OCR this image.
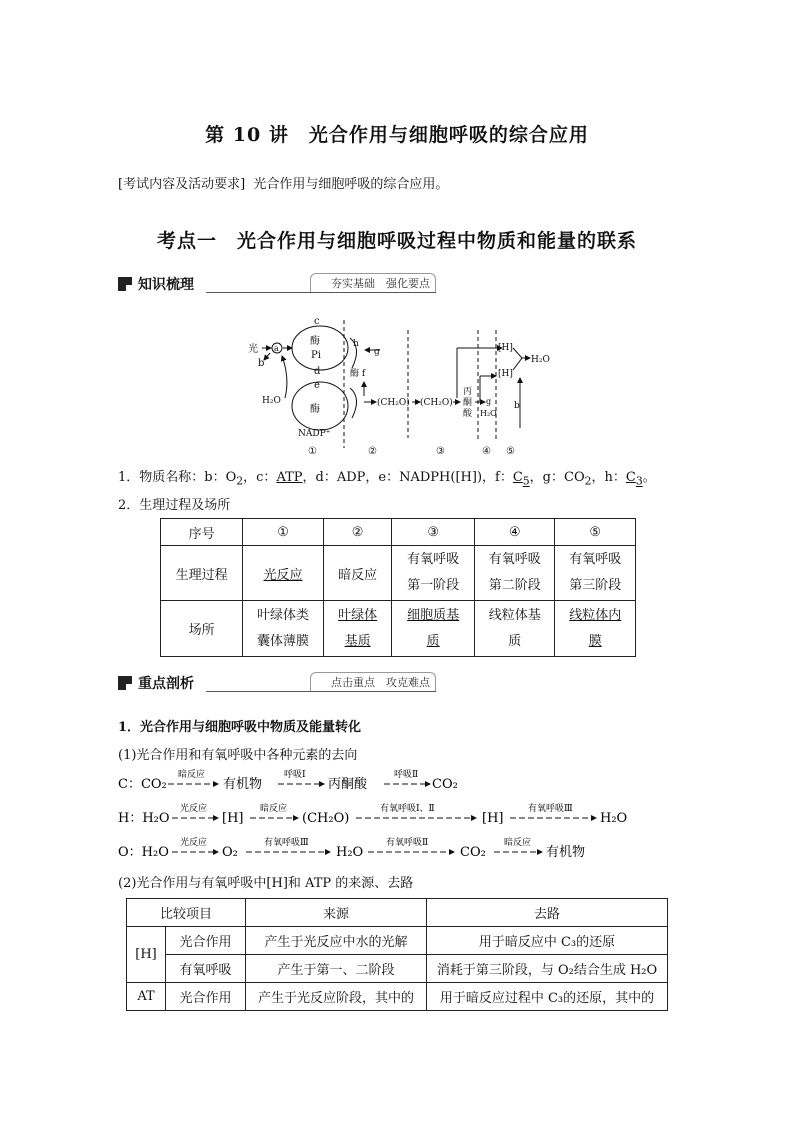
第 10 讲　光合作用与细胞呼吸的综合应用
[考试内容及活动要求] 光合作用与细胞呼吸的综合应用。
考点一　光合作用与细胞呼吸过程中物质和能量的联系
知识梳理	夯实基础　强化要点
光 a
b
H₂O
c
酶
Pi
d
e
酶
NADP⁺
h
g
酶 f
(CH₂O) (CH₂O)
丙
酮
酸
g
H₂O
[H]
[H]
H₂O
b
①	②	③	④ ⑤
1．物质名称：b：$O_2$，c：ATP，d：ADP，e：NADPH([H])，f：$C_5$，g：$CO_2$，h：$C_3$。
2．生理过程及场所
序号	①	②	③	④	⑤
生理过程	光反应	暗反应	有氧呼吸第一阶段	有氧呼吸第二阶段	有氧呼吸第三阶段
场所	叶绿体类囊体薄膜	叶绿体基质	细胞质基质	线粒体基质	线粒体内膜
重点剖析	点击重点　攻克难点
1．光合作用与细胞呼吸中物质及能量转化
(1)光合作用和有氧呼吸中各种元素的去向
C：CO₂
暗反应
有机物
呼吸Ⅰ
丙酮酸
呼吸Ⅱ
CO₂
H：H₂O
光反应
[H]
暗反应
(CH₂O)
有氧呼吸Ⅰ、Ⅱ
[H]
有氧呼吸Ⅲ
H₂O
O：H₂O
光反应
O₂
有氧呼吸Ⅲ
H₂O
有氧呼吸Ⅱ
CO₂
暗反应
有机物
(2)光合作用与有氧呼吸中[H]和 ATP 的来源、去路
比较项目		来源	去路
[H]	光合作用	产生于光反应中水的光解	用于暗反应中 C₃的还原
	有氧呼吸	产生于第一、二阶段	消耗于第三阶段，与 O₂结合生成 H₂O
AT	光合作用	产生于光反应阶段，其中的	用于暗反应过程中 C₃的还原，其中的
